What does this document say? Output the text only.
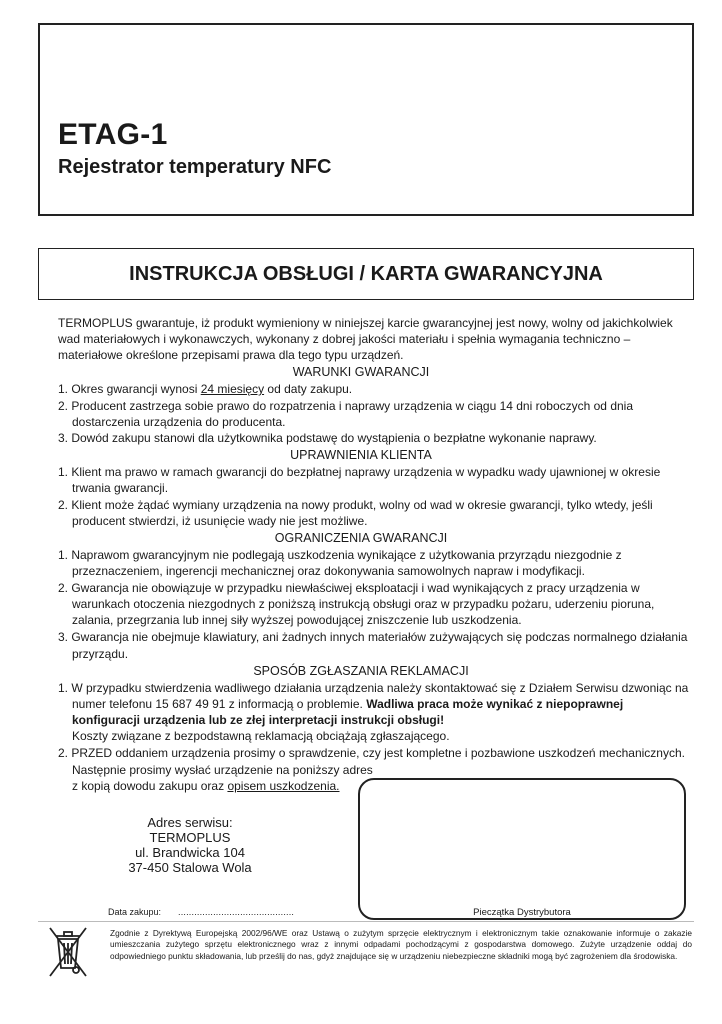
ETAG-1
Rejestrator temperatury NFC
INSTRUKCJA OBSŁUGI / KARTA GWARANCYJNA
TERMOPLUS gwarantuje, iż produkt wymieniony w niniejszej karcie gwarancyjnej jest nowy, wolny od jakichkolwiek
wad materiałowych i wykonawczych, wykonany z dobrej jakości materiału i spełnia wymagania techniczno –
materiałowe określone przepisami prawa dla tego typu urządzeń.
WARUNKI GWARANCJI
1. Okres gwarancji wynosi 24 miesięcy od daty zakupu.
2. Producent zastrzega sobie prawo do rozpatrzenia i naprawy urządzenia w ciągu 14 dni roboczych od dnia
dostarczenia urządzenia do producenta.
3. Dowód zakupu stanowi dla użytkownika podstawę do wystąpienia o bezpłatne wykonanie naprawy.
UPRAWNIENIA KLIENTA
1. Klient ma prawo w ramach gwarancji do bezpłatnej naprawy urządzenia w wypadku wady ujawnionej w okresie
trwania gwarancji.
2. Klient może żądać wymiany urządzenia na nowy produkt, wolny od wad w okresie gwarancji, tylko wtedy, jeśli
producent stwierdzi, iż usunięcie wady nie jest możliwe.
OGRANICZENIA GWARANCJI
1. Naprawom gwarancyjnym nie podlegają uszkodzenia wynikające z użytkowania przyrządu niezgodnie z
przeznaczeniem, ingerencji mechanicznej oraz dokonywania samowolnych napraw i modyfikacji.
2. Gwarancja nie obowiązuje w przypadku niewłaściwej eksploatacji i wad wynikających z pracy urządzenia w
warunkach otoczenia niezgodnych z poniższą instrukcją obsługi oraz w przypadku pożaru, uderzeniu pioruna,
zalania, przegrzania lub innej siły wyższej powodującej zniszczenie lub uszkodzenia.
3. Gwarancja nie obejmuje klawiatury, ani żadnych innych materiałów zużywających się podczas normalnego działania
przyrządu.
SPOSÓB ZGŁASZANIA REKLAMACJI
1. W przypadku stwierdzenia wadliwego działania urządzenia należy skontaktować się z Działem Serwisu dzwoniąc na
numer telefonu 15 687 49 91 z informacją o problemie. Wadliwa praca może wynikać z niepoprawnej
konfiguracji urządzenia lub ze złej interpretacji instrukcji obsługi!
Koszty związane z bezpodstawną reklamacją obciążają zgłaszającego.
2. PRZED oddaniem urządzenia prosimy o sprawdzenie, czy jest kompletne i pozbawione uszkodzeń mechanicznych.
Następnie prosimy wysłać urządzenie na poniższy adres
z kopią dowodu zakupu oraz opisem uszkodzenia.
Adres serwisu:
TERMOPLUS
ul. Brandwicka 104
37-450 Stalowa Wola
Pieczątka Dystrybutora
Data zakupu: ...........................................
Zgodnie z Dyrektywą Europejską 2002/96/WE oraz Ustawą o zużytym sprzęcie elektrycznym i elektronicznym takie oznakowanie informuje o zakazie umieszczania zużytego sprzętu elektronicznego wraz z innymi odpadami pochodzącymi z gospodarstwa domowego. Zużyte urządzenie oddaj do odpowiedniego punktu składowania, lub prześlij do nas, gdyż znajdujące się w urządzeniu niebezpieczne składniki mogą być zagrożeniem dla środowiska.
